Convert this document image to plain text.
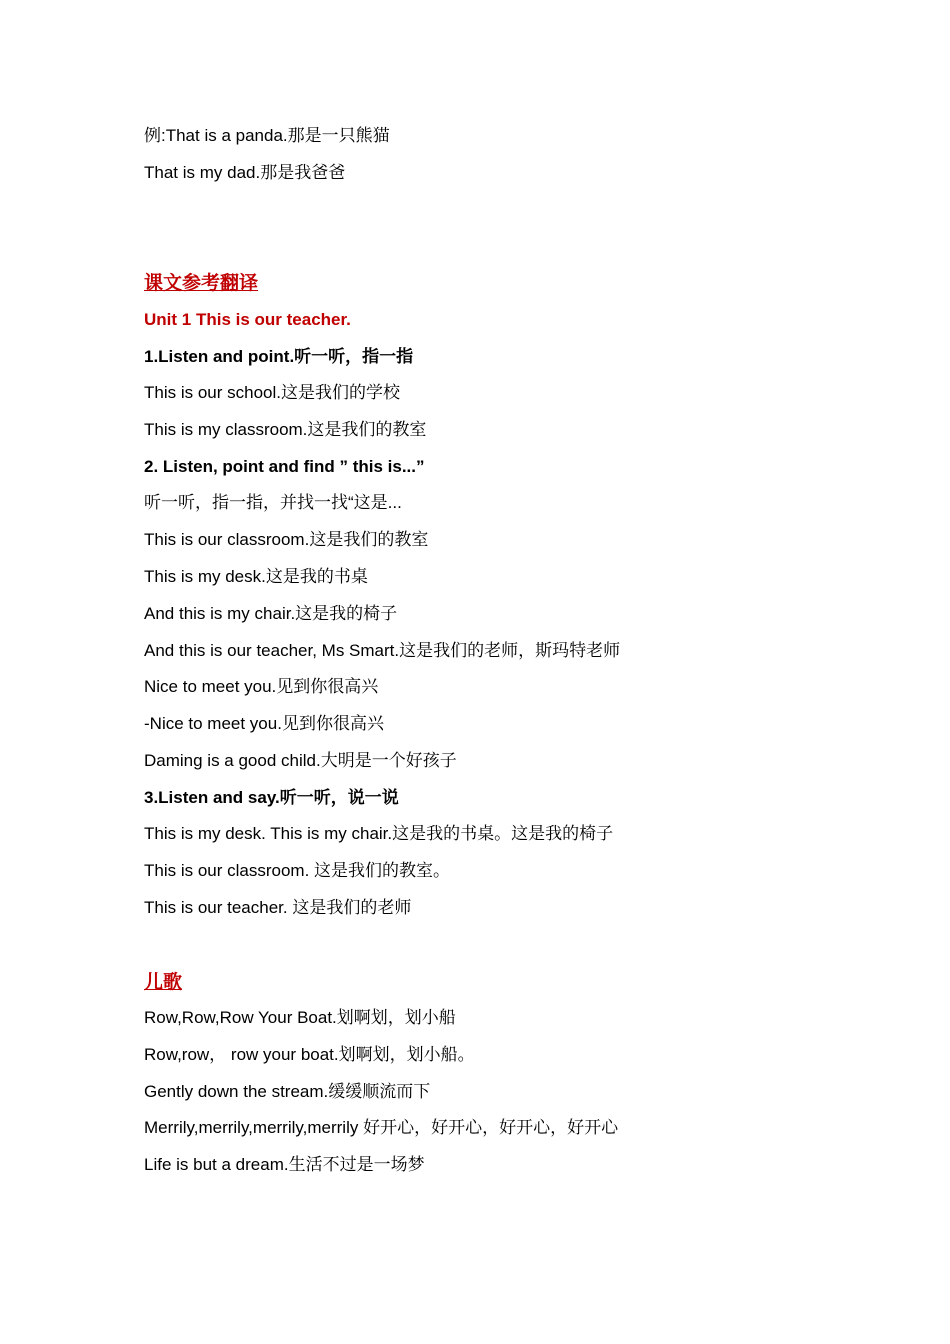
例:That is a panda.那是一只熊猫
That is my dad.那是我爸爸
课文参考翻译
Unit 1 This is our teacher.
1.Listen and point.听一听，指一指
This is our school.这是我们的学校
This is my classroom.这是我们的教室
2. Listen, point and find ” this is...”
听一听，指一指，并找一找“这是...
This is our classroom.这是我们的教室
This is my desk.这是我的书桌
And this is my chair.这是我的椅子
And this is our teacher, Ms Smart.这是我们的老师，斯玛特老师
Nice to meet you.见到你很高兴
-Nice to meet you.见到你很高兴
Daming is a good child.大明是一个好孩子
3.Listen and say.听一听，说一说
This is my desk. This is my chair.这是我的书桌。这是我的椅子
This is our classroom. 这是我们的教室。
This is our teacher. 这是我们的老师
儿歌
Row,Row,Row Your Boat.划啊划，划小船
Row,row， row your boat.划啊划，划小船。
Gently down the stream.缓缓顺流而下
Merrily,merrily,merrily,merrily 好开心，好开心，好开心，好开心
Life is but a dream.生活不过是一场梦
